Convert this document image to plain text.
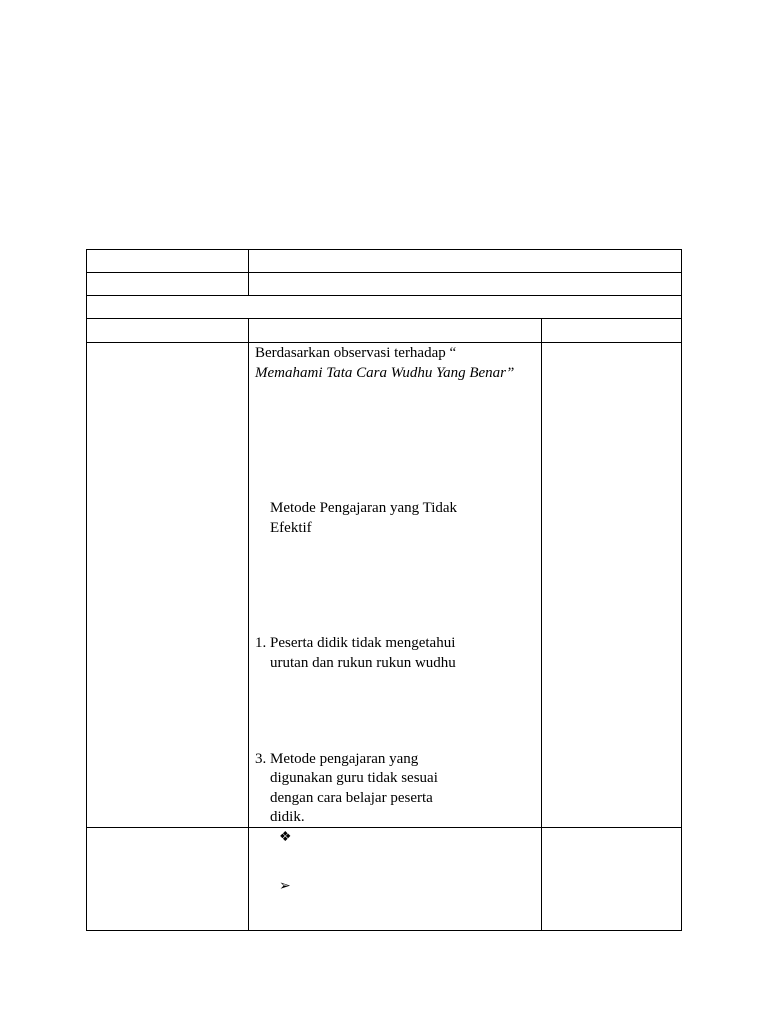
Berdasarkan observasi terhadap “
Memahami Tata Cara Wudhu Yang Benar”
Metode Pengajaran yang Tidak
Efektif
1. Peserta didik tidak mengetahui
urutan dan rukun rukun wudhu
3. Metode pengajaran yang
digunakan guru tidak sesuai
dengan cara belajar peserta
didik.
❖
➢
